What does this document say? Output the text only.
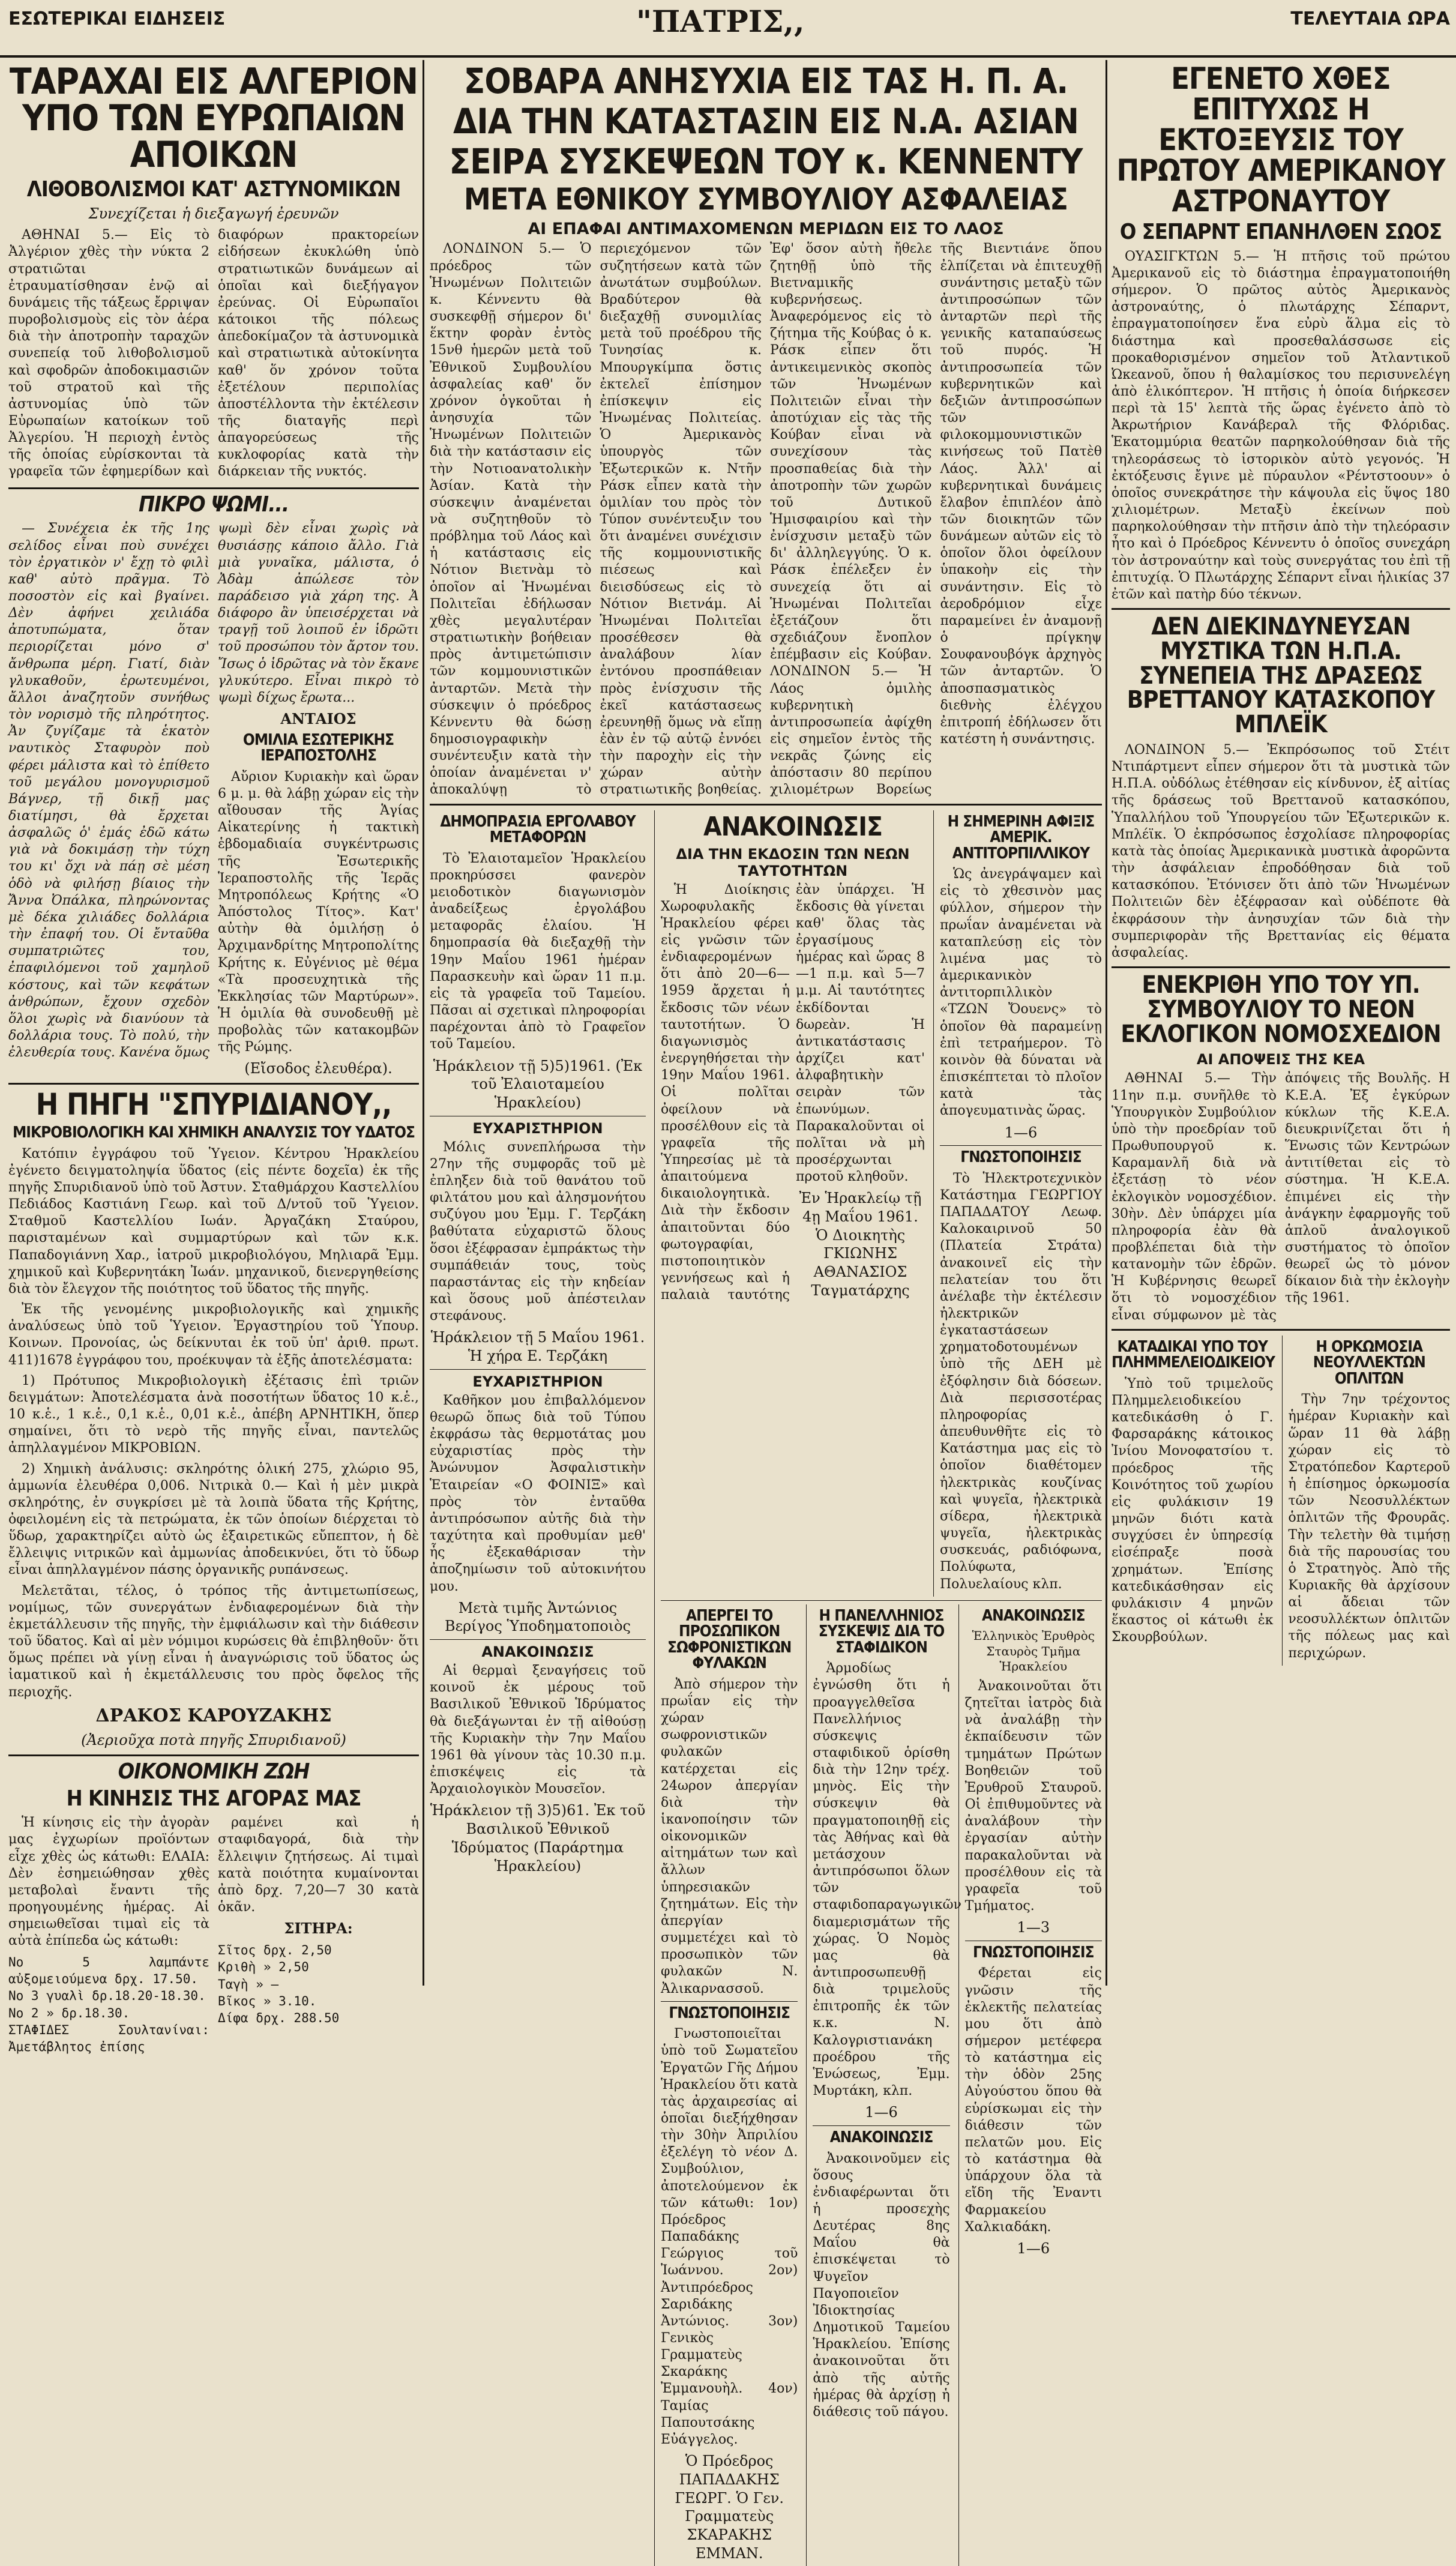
ΕΣΩΤΕΡΙΚΑΙ ΕΙΔΗΣΕΙΣ	"ΠΑΤΡΙΣ,,	ΤΕΛΕΥΤΑΙΑ ΩΡΑ
ΤΑΡΑΧΑΙ ΕΙΣ ΑΛΓΕΡΙΟΝ ΥΠΟ ΤΩΝ ΕΥΡΩΠΑΙΩΝ ΑΠΟΙΚΩΝ
ΛΙΘΟΒΟΛΙΣΜΟΙ ΚΑΤ' ΑΣΤΥΝΟΜΙΚΩΝ
Συνεχίζεται ἡ διεξαγωγή ἐρευνῶν

ΑΘΗΝΑΙ 5.— Εἰς τὸ Ἀλγέριον χθὲς τὴν νύκτα 2 στρατιῶται ἐτραυματίσθησαν ἐνῷ αἱ δυνάμεις τῆς τάξεως ἔρριψαν πυροβολισμοὺς εἰς τὸν ἀέρα διὰ τὴν ἀποτροπὴν ταραχῶν συνεπείᾳ τοῦ λιθοβολισμοῦ καὶ σφοδρῶν ἀποδοκιμασιῶν τοῦ στρατοῦ καὶ τῆς ἀστυνομίας ὑπὸ τῶν Εὐρωπαίων κατοίκων τοῦ Ἀλγερίου. Ἡ περιοχὴ ἐντὸς τῆς ὁποίας εὑρίσκονται τὰ γραφεῖα τῶν ἐφημερίδων καὶ διαφόρων πρακτορείων εἰδήσεων ἐκυκλώθη ὑπὸ στρατιωτικῶν δυνάμεων αἱ ὁποῖαι καὶ διεξήγαγον ἐρεύνας. Οἱ Εὐρωπαῖοι κάτοικοι τῆς πόλεως ἀπεδοκίμαζον τὰ ἀστυνομικὰ καὶ στρατιωτικὰ αὐτοκίνητα καθ' ὅν χρόνον τοῦτα ἐξετέλουν περιπολίας ἀποστέλλοντα τὴν ἐκτέλεσιν τῆς διαταγῆς περὶ ἀπαγορεύσεως τῆς κυκλοφορίας κατὰ τὴν διάρκειαν τῆς νυκτός.

ΠΙΚΡΟ ΨΩΜΙ...

— Συνέχεια ἐκ τῆς 1ης σελίδος εἶναι ποὺ συνέχει τὸν ἐργατικὸν ν' ἔχῃ τὸ φιλὶ καθ' αὐτὸ πρᾶγμα. Τὸ ποσοστὸν εἰς καὶ βγαίνει. Δὲν ἀφήνει χειλιάδα ἀποτυπώματα, ὅταν περιορίζεται μόνο σ' ἄνθρωπα μέρη. Γιατί, διὰν γλυκαθοῦν, ἐρωτευμένοι, ἄλλοι ἀναζητοῦν συνήθως τὸν νορισμὸ τῆς πληρότητος. Ἀν ζυγίζαμε τὰ ἑκατὸν ναυτικὸς Σταφυρὸν ποὺ φέρει μάλιστα καὶ τὸ ἐπίθετο τοῦ μεγάλου μονογυρισμοῦ Βάγνερ, τῇ δικῇ μας διατίμησι, θὰ ἔρχεται ἀσφαλῶς ὁ' ἐμάς ἐδῶ κάτω γιὰ νὰ δοκιμάσῃ τὴν τύχη του κι' ὄχι νὰ πάῃ σὲ μέση ὁδὸ νὰ φιλήσῃ βίαιος τὴν Ἄννα Ὀπάλκα, πληρώνοντας μὲ δέκα χιλιάδες δολλάρια τὴν ἐπαφή του. Οἱ ἔνταῦθα συμπατριῶτες του, ἐπαφιλόμενοι τοῦ χαμηλοῦ κόστους, καὶ τῶν κεφάτων ἀνθρώπων, ἔχουν σχεδὸν ὅλοι χωρὶς νὰ διανύουν τὰ δολλάρια τους. Τὸ πολύ, τὴν ἐλευθερία τους. Κανένα ὅμως ψωμὶ δὲν εἶναι χωρὶς νὰ θυσιάσῃς κάποιο ἄλλο. Γιὰ μιὰ γυναῖκα, μάλιστα, ὁ Ἀδὰμ ἀπώλεσε τὸν παράδεισο γιὰ χάρη της. Ἀ διάφορο ἂν ὑπεισέρχεται νὰ τραγῇ τοῦ λοιποῦ ἐν ἱδρῶτι τοῦ προσώπου τὸν ἄρτον του. Ἴσως ὁ ἱδρῶτας νὰ τὸν ἔκανε γλυκύτερο. Εἶναι πικρὸ τὸ ψωμὶ δίχως ἔρωτα...

ΑΝΤΑΙΟΣ

ΟΜΙΛΙΑ ΕΣΩΤΕΡΙΚΗΣ ΙΕΡΑΠΟΣΤΟΛΗΣ

Αὔριον Κυριακὴν καὶ ὥραν 6 μ. μ. θὰ λάβῃ χώραν εἰς τὴν αἴθουσαν τῆς Ἁγίας Αἰκατερίνης ἡ τακτικὴ ἑβδομαδιαία συγκέντρωσις τῆς Ἐσωτερικῆς Ἱεραποστολῆς τῆς Ἱερᾶς Μητροπόλεως Κρήτης «Ὁ Ἀπόστολος Τίτος». Κατ' αὐτὴν θὰ ὁμιλήσῃ ὁ Ἀρχιμανδρίτης Μητροπολίτης Κρήτης κ. Εὐγένιος μὲ θέμα «Τὰ προσευχητικὰ τῆς Ἐκκλησίας τῶν Μαρτύρων». Ἡ ὁμιλία θὰ συνοδευθῇ μὲ προβολὰς τῶν κατακομβῶν τῆς Ρώμης.

(Εἴσοδος ἐλευθέρα).

Η ΠΗΓΗ "ΣΠΥΡΙΔΙΑΝΟΥ,,
ΜΙΚΡΟΒΙΟΛΟΓΙΚΗ ΚΑΙ ΧΗΜΙΚΗ ΑΝΑΛΥΣΙΣ ΤΟΥ ΥΔΑΤΟΣ

Κατόπιν ἐγγράφου τοῦ Ὑγειον. Κέντρου Ἡρακλείου ἐγένετο δειγματοληψία ὕδατος (εἰς πέντε δοχεῖα) ἐκ τῆς πηγῆς Σπυριδιανοῦ ὑπὸ τοῦ Ἀστυν. Σταθμάρχου Καστελλίου Πεδιάδος Καστιάνη Γεωρ. καὶ τοῦ Δ/ντοῦ τοῦ Ὑγειον. Σταθμοῦ Καστελλίου Ιωάν. Ἀργαζάκη Σταύρου, παρισταμένων καὶ συμμαρτύρων καὶ τῶν κ.κ. Παπαδογιάννη Χαρ., ἰατροῦ μικροβιολόγου, Μηλιαρᾶ Ἐμμ. χημικοῦ καὶ Κυβερνητάκη Ἰωάν. μηχανικοῦ, διενεργηθείσης διὰ τὸν ἔλεγχον τῆς ποιότητος τοῦ ὕδατος τῆς πηγῆς.

Ἐκ τῆς γενομένης μικροβιολογικῆς καὶ χημικῆς ἀναλύσεως ὑπὸ τοῦ Ὑγειον. Ἐργαστηρίου τοῦ Ὑπουρ. Κοινων. Προνοίας, ὡς δείκνυται ἐκ τοῦ ὑπ' ἀριθ. πρωτ. 411)1678 ἐγγράφου του, προέκυψαν τὰ ἑξῆς ἀποτελέσματα:

1) Πρότυπος Μικροβιολογικὴ ἐξέτασις ἐπὶ τριῶν δειγμάτων: Ἀποτελέσματα ἀνὰ ποσοτήτων ὕδατος 10 κ.ἑ., 10 κ.ἑ., 1 κ.ἑ., 0,1 κ.ἑ., 0,01 κ.ἑ., ἀπέβη ΑΡΝΗΤΙΚΗ, ὅπερ σημαίνει, ὅτι τὸ νερὸ τῆς πηγῆς εἶναι, παντελῶς ἀπηλλαγμένον ΜΙΚΡΟΒΙΩΝ.

2) Χημικὴ ἀνάλυσις: σκληρότης ὁλική 275, χλώριο 95, ἀμμωνία ἐλευθέρα 0,006. Νιτρικὰ 0.— Καὶ ἡ μὲν μικρὰ σκληρότης, ἐν συγκρίσει μὲ τὰ λοιπὰ ὕδατα τῆς Κρήτης, ὀφειλομένη εἰς τὰ πετρώματα, ἐκ τῶν ὁποίων διέρχεται τὸ ὕδωρ, χαρακτηρίζει αὐτὸ ὡς ἐξαιρετικῶς εὔπεπτον, ἡ δὲ ἔλλειψις νιτρικῶν καὶ ἀμμωνίας ἀποδεικνύει, ὅτι τὸ ὕδωρ εἶναι ἀπηλλαγμένον πάσης ὀργανικῆς ρυπάνσεως.

Μελετᾶται, τέλος, ὁ τρόπος τῆς ἀντιμετωπίσεως, νομίμως, τῶν συνεργάτων ἐνδιαφερομένων διὰ τὴν ἐκμετάλλευσιν τῆς πηγῆς, τὴν ἐμφιάλωσιν καὶ τὴν διάθεσιν τοῦ ὕδατος. Καὶ αἱ μὲν νόμιμοι κυρώσεις θὰ ἐπιβληθοῦν· ὅτι ὅμως πρέπει νὰ γίνῃ εἶναι ἡ ἀναγνώρισις τοῦ ὕδατος ὡς ἰαματικοῦ καὶ ἡ ἐκμετάλλευσις του πρὸς ὄφελος τῆς περιοχῆς.

ΔΡΑΚΟΣ ΚΑΡΟΥΖΑΚΗΣ

(Ἀεριοῦχα ποτὰ πηγῆς Σπυριδιανοῦ)

ΟΙΚΟΝΟΜΙΚΗ ΖΩΗ
Η ΚΙΝΗΣΙΣ ΤΗΣ ΑΓΟΡΑΣ ΜΑΣ

Ἡ κίνησις εἰς τὴν ἀγορὰν μας ἐγχωρίων προϊόντων εἶχε χθὲς ὡς κάτωθι: ΕΛΑΙΑ: Δὲν ἐσημειώθησαν χθὲς μεταβολαὶ ἔναντι τῆς προηγουμένης ἡμέρας. Αἱ σημειωθεῖσαι τιμαὶ εἰς τὰ αὐτὰ ἐπίπεδα ὡς κάτωθι:

Νο 5 λαμπάντε αὐξομειούμενα δρχ. 17.50.
Νο 3 γυαλὶ δρ.18.20-18.30.
Νο 2 » δρ.18.30.
ΣΤΑΦΙΔΕΣ Σουλτανίναι: Ἀμετάβλητος ἐπίσης

ραμένει καὶ ἡ σταφιδαγορά, διὰ τὴν ἔλλειψιν ζητήσεως. Αἱ τιμαὶ κατὰ ποιότητα κυμαίνονται ἀπὸ δρχ. 7,20—7 30 κατὰ ὁκᾶν.

ΣΙΤΗΡΑ:

Σῖτος δρχ. 2,50
Κριθὴ » 2,50
Ταγὴ » —
Βῖκος » 3.10.
Δίφα δρχ. 288.50

ΣΟΒΑΡΑ ΑΝΗΣΥΧΙΑ ΕΙΣ ΤΑΣ Η. Π. Α.
ΔΙΑ ΤΗΝ ΚΑΤΑΣΤΑΣΙΝ ΕΙΣ Ν.Α. ΑΣΙΑΝ
ΣΕΙΡΑ ΣΥΣΚΕΨΕΩΝ ΤΟΥ κ. ΚΕΝΝΕΝΤΥ
ΜΕΤΑ ΕΘΝΙΚΟΥ ΣΥΜΒΟΥΛΙΟΥ ΑΣΦΑΛΕΙΑΣ
ΑΙ ΕΠΑΦΑΙ ΑΝΤΙΜΑΧΟΜΕΝΩΝ ΜΕΡΙΔΩΝ ΕΙΣ ΤΟ ΛΑΟΣ

ΛΟΝΔΙΝΟΝ 5.— Ὁ πρόεδρος τῶν Ἡνωμένων Πολιτειῶν κ. Κέννεντυ θὰ συσκεφθῇ σήμερον δι' ἕκτην φορὰν ἐντὸς 15νθ ἡμερῶν μετὰ τοῦ Ἐθνικοῦ Συμβουλίου ἀσφαλείας καθ' ὅν χρόνον ὁγκοῦται ἡ ἀνησυχία τῶν Ἡνωμένων Πολιτειῶν διὰ τὴν κατάστασιν εἰς τὴν Νοτιοανατολικὴν Ἀσίαν. Κατὰ τὴν σύσκεψιν ἀναμένεται νὰ συζητηθοῦν τὸ πρόβλημα τοῦ Λάος καὶ ἡ κατάστασις εἰς Νότιον Βιετνὰμ τὸ ὁποῖον αἱ Ἡνωμέναι Πολιτεῖαι ἐδήλωσαν χθὲς μεγαλυτέραν στρατιωτικὴν βοήθειαν πρὸς ἀντιμετώπισιν τῶν κομμουνιστικῶν ἀνταρτῶν. Μετὰ τὴν σύσκεψιν ὁ πρόεδρος Κέννεντυ θὰ δώσῃ δημοσιογραφικὴν συνέντευξιν κατὰ τὴν ὁποίαν ἀναμένεται ν' ἀποκαλύψῃ τὸ περιεχόμενον τῶν συζητήσεων κατὰ τῶν ἀνωτάτων συμβούλων. Βραδύτερον θὰ διεξαχθῇ συνομιλίας μετὰ τοῦ προέδρου τῆς Τυνησίας κ. Μπουργκίμπα ὅστις ἐκτελεῖ ἐπίσημον ἐπίσκεψιν εἰς Ἡνωμένας Πολιτείας. Ὁ Ἀμερικανὸς ὑπουργὸς τῶν Ἐξωτερικῶν κ. Ντῆν Ράσκ εἶπεν κατὰ τὴν ὁμιλίαν του πρὸς τὸν Τύπον συνέντευξιν του ὅτι ἀναμένει συνέχισιν τῆς κομμουνιστικῆς πιέσεως καὶ διεισδύσεως εἰς τὸ Νότιον Βιετνάμ. Αἱ Ἡνωμέναι Πολιτεῖαι προσέθεσεν θὰ ἀναλάβουν λίαν ἐντόνου προσπάθειαν πρὸς ἐνίσχυσιν τῆς ἐκεῖ κατάστασεως ἐρευνηθῇ ὅμως νὰ εἴπῃ ἐὰν ἐν τῷ αὐτῷ ἐννόει τὴν παροχὴν εἰς τὴν χώραν αὐτὴν στρατιωτικῆς βοηθείας. Ἐφ' ὅσον αὐτὴ ἤθελε ζητηθῇ ὑπὸ τῆς Βιετναμικῆς κυβερνήσεως. Ἀναφερόμενος εἰς τὸ ζήτημα τῆς Κούβας ὁ κ. Ράσκ εἶπεν ὅτι ἀντικειμενικὸς σκοπὸς τῶν Ἡνωμένων Πολιτειῶν εἶναι τὴν ἀποτύχιαν εἰς τὰς τῆς Κούβαν εἶναι νὰ συνεχίσουν τὰς προσπαθείας διὰ τὴν ἀποτροπὴν τῶν χωρῶν τοῦ Δυτικοῦ Ἡμισφαιρίου καὶ τὴν ἐνίσχυσιν μεταξὺ τῶν δι' ἀλληλεγγύης. Ὁ κ. Ράσκ ἐπέλεξεν ἐν συνεχείᾳ ὅτι αἱ Ἡνωμέναι Πολιτεῖαι ἐξετάζουν ὅτι σχεδιάζουν ἔνοπλον ἐπέμβασιν εἰς Κούβαν. ΛΟΝΔΙΝΟΝ 5.— Ἡ Λάος ὁμιλὴς κυβερνητικὴ ἀντιπροσωπεία ἀφίχθη εἰς σημεῖον ἐντὸς τῆς νεκρᾶς ζώνης εἰς ἀπόστασιν 80 περίπου χιλιομέτρων Βορείως τῆς Βιεντιάνε ὅπου ἐλπίζεται νὰ ἐπιτευχθῇ συνάντησις μεταξὺ τῶν ἀντιπροσώπων τῶν ἀνταρτῶν περὶ τῆς γενικῆς καταπαύσεως τοῦ πυρός. Ἡ ἀντιπροσωπεία τῶν κυβερνητικῶν καὶ δεξιῶν ἀντιπροσώπων τῶν φιλοκομμουνιστικῶν κινήσεως τοῦ Πατὲθ Λάος. Ἀλλ' αἱ κυβερνητικαὶ δυνάμεις ἔλαβον ἐπιπλέον ἀπὸ τῶν διοικητῶν τῶν δυνάμεων αὐτῶν εἰς τὸ ὁποῖον ὅλοι ὀφείλουν ὑπακοὴν εἰς τὴν συνάντησιν. Εἰς τὸ ἀεροδρόμιον εἶχε παραμείνει ἐν ἀναμονῇ ὁ πρίγκηψ Σουφανουβόγκ ἀρχηγὸς τῶν ἀνταρτῶν. Ὁ ἀποσπασματικὸς διεθνὴς ἐλέγχου ἐπιτροπή ἐδήλωσεν ὅτι κατέστη ἡ συνάντησις.

ΔΗΜΟΠΡΑΣΙΑ ΕΡΓΟΛΑΒΟΥ ΜΕΤΑΦΟΡΩΝ

Τὸ Ἐλαιοταμεῖον Ἡρακλείου προκηρύσσει φανερὸν μειοδοτικὸν διαγωνισμὸν ἀναδείξεως ἐργολάβου μεταφορᾶς ἐλαίου. Ἡ δημοπρασία θὰ διεξαχθῇ τὴν 19ην Μαΐου 1961 ἡμέραν Παρασκευὴν καὶ ὥραν 11 π.μ. εἰς τὰ γραφεῖα τοῦ Ταμείου. Πᾶσαι αἱ σχετικαὶ πληροφορίαι παρέχονται ἀπὸ τὸ Γραφεῖον τοῦ Ταμείου.

Ἡράκλειον τῇ 5)5)1961. (Ἐκ τοῦ Ἐλαιοταμείου Ἡρακλείου)

ΕΥΧΑΡΙΣΤΗΡΙΟΝ

Μόλις συνεπλήρωσα τὴν 27ην τῆς συμφορᾶς τοῦ μὲ ἐπληξεν διὰ τοῦ θανάτου τοῦ φιλτάτου μου καὶ ἀλησμονήτου συζύγου μου Ἐμμ. Γ. Τερζάκη βαθύτατα εὐχαριστῶ ὅλους ὅσοι ἐξέφρασαν ἐμπράκτως τὴν συμπάθειάν τους, τοὺς παραστάντας εἰς τὴν κηδείαν καὶ ὅσους μοῦ ἀπέστειλαν στεφάνους.

Ἡράκλειον τῇ 5 Μαΐου 1961. Ἡ χήρα Ε. Τερζάκη

ΕΥΧΑΡΙΣΤΗΡΙΟΝ

Καθῆκον μου ἐπιβαλλόμενον θεωρῶ ὅπως διὰ τοῦ Τύπου ἐκφράσω τὰς θερμοτάτας μου εὐχαριστίας πρὸς τὴν Ἀνώνυμον Ἀσφαλιστικὴν Ἑταιρείαν «Ο ΦΟΙΝΙΞ» καὶ πρὸς τὸν ἐνταῦθα ἀντιπρόσωπον αὐτῆς διὰ τὴν ταχύτητα καὶ προθυμίαν μεθ' ἧς ἐξεκαθάρισαν τὴν ἀποζημίωσιν τοῦ αὐτοκινήτου μου.

Μετὰ τιμῆς Ἀντώνιος Βερίγος Ὑποδηματοποιὸς

ΑΝΑΚΟΙΝΩΣΙΣ

Αἱ θερμαὶ ξεναγήσεις τοῦ κοινοῦ ἐκ μέρους τοῦ Βασιλικοῦ Ἐθνικοῦ Ἱδρύματος θὰ διεξάγωνται ἐν τῇ αἰθούσῃ τῆς Κυριακὴν τὴν 7ην Μαΐου 1961 θὰ γίνουν τὰς 10.30 π.μ. ἐπισκέψεις εἰς τὰ Ἀρχαιολογικὸν Μουσεῖον.

Ἡράκλειον τῇ 3)5)61. Ἐκ τοῦ Βασιλικοῦ Ἐθνικοῦ Ἱδρύματος (Παράρτημα Ἡρακλείου)

ΑΝΑΚΟΙΝΩΣΙΣ
ΔΙΑ ΤΗΝ ΕΚΔΟΣΙΝ ΤΩΝ ΝΕΩΝ ΤΑΥΤΟΤΗΤΩΝ

Ἡ Διοίκησις Χωροφυλακῆς Ἡρακλείου φέρει εἰς γνῶσιν τῶν ἐνδιαφερομένων ὅτι ἀπὸ 20—6—1959 ἄρχεται ἡ ἔκδοσις τῶν νέων ταυτοτήτων. Ὁ διαγωνισμὸς ἐνεργηθήσεται τὴν 19ην Μαΐου 1961. Οἱ πολῖται ὀφείλουν νὰ προσέλθουν εἰς τὰ γραφεῖα τῆς Ὑπηρεσίας μὲ τὰ ἀπαιτούμενα δικαιολογητικὰ. Διὰ τὴν ἔκδοσιν ἀπαιτοῦνται δύο φωτογραφίαι, πιστοποιητικὸν γεννήσεως καὶ ἡ παλαιὰ ταυτότης ἐὰν ὑπάρχει. Ἡ ἔκδοσις θὰ γίνεται καθ' ὅλας τὰς ἐργασίμους ἡμέρας καὶ ὥρας 8—1 π.μ. καὶ 5—7 μ.μ. Αἱ ταυτότητες ἐκδίδονται δωρεὰν. Ἡ ἀντικατάστασις ἀρχίζει κατ' ἀλφαβητικὴν σειρὰν τῶν ἐπωνύμων. Παρακαλοῦνται οἱ πολῖται νὰ μὴ προσέρχωνται προτοῦ κληθοῦν.

Ἐν Ἡρακλείῳ τῇ 4ῃ Μαΐου 1961. Ὁ Διοικητὴς ΓΚΙΩΝΗΣ ΑΘΑΝΑΣΙΟΣ Ταγματάρχης

Η ΣΗΜΕΡΙΝΗ ΑΦΙΞΙΣ ΑΜΕΡΙΚ. ΑΝΤΙΤΟΡΠΙΛΛΙΚΟΥ

Ὡς ἀνεγράψαμεν καὶ εἰς τὸ χθεσινὸν μας φύλλον, σήμερον τὴν πρωΐαν ἀναμένεται νὰ καταπλεύσῃ εἰς τὸν λιμένα μας τὸ ἀμερικανικὸν ἀντιτορπιλλικὸν «ΤΖΩΝ Ὄουενς» τὸ ὁποῖον θὰ παραμείνῃ ἐπὶ τετραήμερον. Τὸ κοινὸν θὰ δύναται νὰ ἐπισκέπτεται τὸ πλοῖον κατὰ τὰς ἀπογευματινὰς ὥρας.

1—6

ΓΝΩΣΤΟΠΟΙΗΣΙΣ

Τὸ Ἡλεκτροτεχνικὸν Κατάστημα ΓΕΩΡΓΙΟΥ ΠΑΠΑΔΑΤΟΥ Λεωφ. Καλοκαιρινοῦ 50 (Πλατεία Στράτα) ἀνακοινεῖ εἰς τὴν πελατείαν του ὅτι ἀνέλαβε τὴν ἐκτέλεσιν ἠλεκτρικῶν ἐγκαταστάσεων χρηματοδοτουμένων ὑπὸ τῆς ΔΕΗ μὲ ἐξόφλησιν διὰ δόσεων. Διὰ περισσοτέρας πληροφορίας ἀπευθυνθῆτε εἰς τὸ Κατάστημα μας εἰς τὸ ὁποῖον διαθέτομεν ἠλεκτρικὰς κουζίνας καὶ ψυγεῖα, ἠλεκτρικὰ σίδερα, ἠλεκτρικὰ ψυγεῖα, ἠλεκτρικὰς συσκευάς, ραδιόφωνα, Πολύφωτα, Πολυελαίους κλπ.

ΑΠΕΡΓΕΙ ΤΟ ΠΡΟΣΩΠΙΚΟΝ ΣΩΦΡΟΝΙΣΤΙΚΩΝ ΦΥΛΑΚΩΝ

Ἀπὸ σήμερον τὴν πρωΐαν εἰς τὴν χώραν σωφρονιστικῶν φυλακῶν κατέρχεται εἰς 24ωρον ἀπεργίαν διὰ τὴν ἱκανοποίησιν τῶν οἰκονομικῶν αἰτημάτων των καὶ ἄλλων ὑπηρεσιακῶν ζητημάτων. Εἰς τὴν ἀπεργίαν συμμετέχει καὶ τὸ προσωπικὸν τῶν φυλακῶν Ν. Ἀλικαρνασσοῦ.

ΓΝΩΣΤΟΠΟΙΗΣΙΣ

Γνωστοποιεῖται ὑπὸ τοῦ Σωματεῖου Ἐργατῶν Γῆς Δήμου Ἡρακλείου ὅτι κατὰ τὰς ἀρχαιρεσίας αἱ ὁποῖαι διεξήχθησαν τὴν 30ὴν Ἀπριλίου ἐξελέγη τὸ νέον Δ. Συμβούλιον, ἀποτελούμενον ἐκ τῶν κάτωθι: 1ον) Πρόεδρος Παπαδάκης Γεώργιος τοῦ Ἰωάννου. 2ον) Ἀντιπρόεδρος Σαριδάκης Ἀντώνιος. 3ον) Γενικὸς Γραμματεὺς Σκαράκης Ἐμμανουὴλ. 4ον) Ταμίας Παπουτσάκης Εὐάγγελος.

Ὁ Πρόεδρος ΠΑΠΑΔΑΚΗΣ ΓΕΩΡΓ. Ὁ Γεν. Γραμματεὺς ΣΚΑΡΑΚΗΣ ΕΜΜΑΝ.

Η ΠΑΝΕΛΛΗΝΙΟΣ ΣΥΣΚΕΨΙΣ ΔΙΑ ΤΟ ΣΤΑΦΙΔΙΚΟΝ

Ἁρμοδίως ἐγνώσθη ὅτι ἡ προαγγελθεῖσα Πανελλήνιος σύσκεψις σταφιδικοῦ ὁρίσθη διὰ τὴν 12ην τρέχ. μηνὸς. Εἰς τὴν σύσκεψιν θὰ πραγματοποιηθῇ εἰς τὰς Ἀθήνας καὶ θὰ μετάσχουν ἀντιπρόσωποι ὅλων τῶν σταφιδοπαραγωγικῶν διαμερισμάτων τῆς χώρας. Ὁ Νομὸς μας θὰ ἀντιπροσωπευθῇ διὰ τριμελοῦς ἐπιτροπῆς ἐκ τῶν κ.κ. Ν. Καλογριστιανάκη προέδρου τῆς Ἑνώσεως, Ἐμμ. Μυρτάκη, κλπ.

1—6

ΑΝΑΚΟΙΝΩΣΙΣ

Ἀνακοινοῦμεν εἰς ὅσους ἐνδιαφέρωνται ὅτι ἡ προσεχὴς Δευτέρας 8ης Μαΐου θὰ ἐπισκέψεται τὸ Ψυγεῖον Παγοποιεῖον Ἰδιοκτησίας Δημοτικοῦ Ταμείου Ἡρακλείου. Ἐπίσης ἀνακοινοῦται ὅτι ἀπὸ τῆς αὐτῆς ἡμέρας θὰ ἀρχίσῃ ἡ διάθεσις τοῦ πάγου.

ΑΝΑΚΟΙΝΩΣΙΣ

Ἑλληνικὸς Ἐρυθρὸς Σταυρὸς Τμῆμα Ἡρακλείου

Ἀνακοινοῦται ὅτι ζητεῖται ἰατρὸς διὰ νὰ ἀναλάβῃ τὴν ἐκπαίδευσιν τῶν τμημάτων Πρώτων Βοηθειῶν τοῦ Ἐρυθροῦ Σταυροῦ. Οἱ ἐπιθυμοῦντες νὰ ἀναλάβουν τὴν ἐργασίαν αὐτὴν παρακαλοῦνται νὰ προσέλθουν εἰς τὰ γραφεῖα τοῦ Τμήματος.

1—3

ΓΝΩΣΤΟΠΟΙΗΣΙΣ

Φέρεται εἰς γνῶσιν τῆς ἐκλεκτῆς πελατείας μου ὅτι ἀπὸ σήμερον μετέφερα τὸ κατάστημα εἰς τὴν ὁδὸν 25ης Αὐγούστου ὅπου θὰ εὑρίσκωμαι εἰς τὴν διάθεσιν τῶν πελατῶν μου. Εἰς τὸ κατάστημα θὰ ὑπάρχουν ὅλα τὰ εἴδη τῆς Ἐναντι Φαρμακείου Χαλκιαδάκη.

1—6

ΕΓΕΝΕΤΟ ΧΘΕΣ ΕΠΙΤΥΧΩΣ Η ΕΚΤΟΞΕΥΣΙΣ ΤΟΥ ΠΡΩΤΟΥ ΑΜΕΡΙΚΑΝΟΥ ΑΣΤΡΟΝΑΥΤΟΥ
Ο ΣΕΠΑΡΝΤ ΕΠΑΝΗΛΘΕΝ ΣΩΟΣ

ΟΥΑΣΙΓΚΤΩΝ 5.— Ἡ πτῆσις τοῦ πρώτου Ἀμερικανοῦ εἰς τὸ διάστημα ἐπραγματοποιήθη σήμερον. Ὁ πρῶτος αὐτὸς Ἀμερικανὸς ἀστροναύτης, ὁ πλωτάρχης Σέπαρντ, ἐπραγματοποίησεν ἕνα εὐρὺ ἅλμα εἰς τὸ διάστημα καὶ προσεθαλάσσωσε εἰς προκαθορισμένον σημεῖον τοῦ Ἀτλαντικοῦ Ὠκεανοῦ, ὅπου ἡ θαλαμίσκος του περισυνελέγη ἀπὸ ἑλικόπτερον. Ἡ πτῆσις ἡ ὁποία διήρκεσεν περὶ τὰ 15' λεπτὰ τῆς ὥρας ἐγένετο ἀπὸ τὸ Ἀκρωτήριον Κανάβεραλ τῆς Φλόριδας. Ἑκατομμύρια θεατῶν παρηκολούθησαν διὰ τῆς τηλεοράσεως τὸ ἱστορικὸν αὐτὸ γεγονός. Ἡ ἐκτόξευσις ἔγινε μὲ πύραυλον «Ρέντστοουν» ὁ ὁποῖος συνεκράτησε τὴν κάψουλα εἰς ὕψος 180 χιλιομέτρων. Μεταξὺ ἐκείνων ποὺ παρηκολούθησαν τὴν πτῆσιν ἀπὸ τὴν τηλεόρασιν ἦτο καὶ ὁ Πρόεδρος Κέννεντυ ὁ ὁποῖος συνεχάρη τὸν ἀστροναύτην καὶ τοὺς συνεργάτας του ἐπὶ τῇ ἐπιτυχίᾳ. Ὁ Πλωτάρχης Σέπαρντ εἶναι ἡλικίας 37 ἐτῶν καὶ πατὴρ δύο τέκνων.

ΔΕΝ ΔΙΕΚΙΝΔΥΝΕΥΣΑΝ ΜΥΣΤΙΚΑ ΤΩΝ Η.Π.Α. ΣΥΝΕΠΕΙΑ ΤΗΣ ΔΡΑΣΕΩΣ ΒΡΕΤΤΑΝΟΥ ΚΑΤΑΣΚΟΠΟΥ ΜΠΛΕΪΚ

ΛΟΝΔΙΝΟΝ 5.— Ἐκπρόσωπος τοῦ Στέιτ Ντιπάρτμεντ εἶπεν σήμερον ὅτι τὰ μυστικὰ τῶν Η.Π.Α. οὐδόλως ἐτέθησαν εἰς κίνδυνον, ἐξ αἰτίας τῆς δράσεως τοῦ Βρεττανοῦ κατασκόπου, Ὑπαλλήλου τοῦ Ὑπουργείου τῶν Ἐξωτερικῶν κ. Μπλέϊκ. Ὁ ἐκπρόσωπος ἐσχολίασε πληροφορίας κατὰ τὰς ὁποίας Ἀμερικανικὰ μυστικὰ ἀφορῶντα τὴν ἀσφάλειαν ἐπροδόθησαν διὰ τοῦ κατασκόπου. Ἐτόνισεν ὅτι ἀπὸ τῶν Ἡνωμένων Πολιτειῶν δὲν ἐξέφρασαν καὶ οὐδέποτε θὰ ἐκφράσουν τὴν ἀνησυχίαν τῶν διὰ τὴν συμπεριφορὰν τῆς Βρεττανίας εἰς θέματα ἀσφαλείας.

ΕΝΕΚΡΙΘΗ ΥΠΟ ΤΟΥ ΥΠ. ΣΥΜΒΟΥΛΙΟΥ ΤΟ ΝΕΟΝ ΕΚΛΟΓΙΚΟΝ ΝΟΜΟΣΧΕΔΙΟΝ
ΑΙ ΑΠΟΨΕΙΣ ΤΗΣ ΚΕΑ

ΑΘΗΝΑΙ 5.— Τὴν 11ην π.μ. συνῆλθε τὸ Ὑπουργικὸν Συμβούλιον ὑπὸ τὴν προεδρίαν τοῦ Πρωθυπουργοῦ κ. Καραμανλῆ διὰ νὰ ἐξετάσῃ τὸ νέον ἐκλογικὸν νομοσχέδιον. 30ὴν. Δὲν ὑπάρχει μία πληροφορία ἐὰν θὰ προβλέπεται διὰ τὴν κατανομὴν τῶν ἐδρῶν. Ἡ Κυβέρνησις θεωρεῖ ὅτι τὸ νομοσχέδιον εἶναι σύμφωνον μὲ τὰς ἀπόψεις τῆς Βουλῆς. Η Κ.Ε.Α. Ἐξ ἐγκύρων κύκλων τῆς Κ.Ε.Α. διευκρινίζεται ὅτι ἡ Ἕνωσις τῶν Κεντρώων ἀντιτίθεται εἰς τὸ σύστημα. Ἡ Κ.Ε.Α. ἐπιμένει εἰς τὴν ἀνάγκην ἐφαρμογῆς τοῦ ἁπλοῦ ἀναλογικοῦ συστήματος τὸ ὁποῖον θεωρεῖ ὡς τὸ μόνον δίκαιον διὰ τὴν ἐκλογὴν τῆς 1961.

ΚΑΤΑΔΙΚΑΙ ΥΠΟ ΤΟΥ ΠΛΗΜΜΕΛΕΙΟΔΙΚΕΙΟΥ

Ὑπὸ τοῦ τριμελοῦς Πλημμελειοδικείου κατεδικάσθη ὁ Γ. Φαρσαράκης κάτοικος Ἰνίου Μονοφατσίου τ. πρόεδρος τῆς Κοινότητος τοῦ χωρίου εἰς φυλάκισιν 19 μηνῶν διότι κατὰ συγχύσει ἐν ὑπηρεσίᾳ εἰσέπραξε ποσὰ χρημάτων. Ἐπίσης κατεδικάσθησαν εἰς φυλάκισιν 4 μηνῶν ἕκαστος οἱ κάτωθι ἐκ Σκουρβούλων.

Η ΟΡΚΩΜΟΣΙΑ ΝΕΟΥΛΛΕΚΤΩΝ ΟΠΛΙΤΩΝ

Τὴν 7ην τρέχοντος ἡμέραν Κυριακὴν καὶ ὥραν 11 θὰ λάβῃ χώραν εἰς τὸ Στρατόπεδον Καρτεροῦ ἡ ἐπίσημος ὁρκωμοσία τῶν Νεοσυλλέκτων ὁπλιτῶν τῆς Φρουρᾶς. Τὴν τελετὴν θὰ τιμήσῃ διὰ τῆς παρουσίας του ὁ Στρατηγὸς. Ἀπὸ τῆς Κυριακῆς θὰ ἀρχίσουν αἱ ἄδειαι τῶν νεοσυλλέκτων ὁπλιτῶν τῆς πόλεως μας καὶ περιχώρων.
